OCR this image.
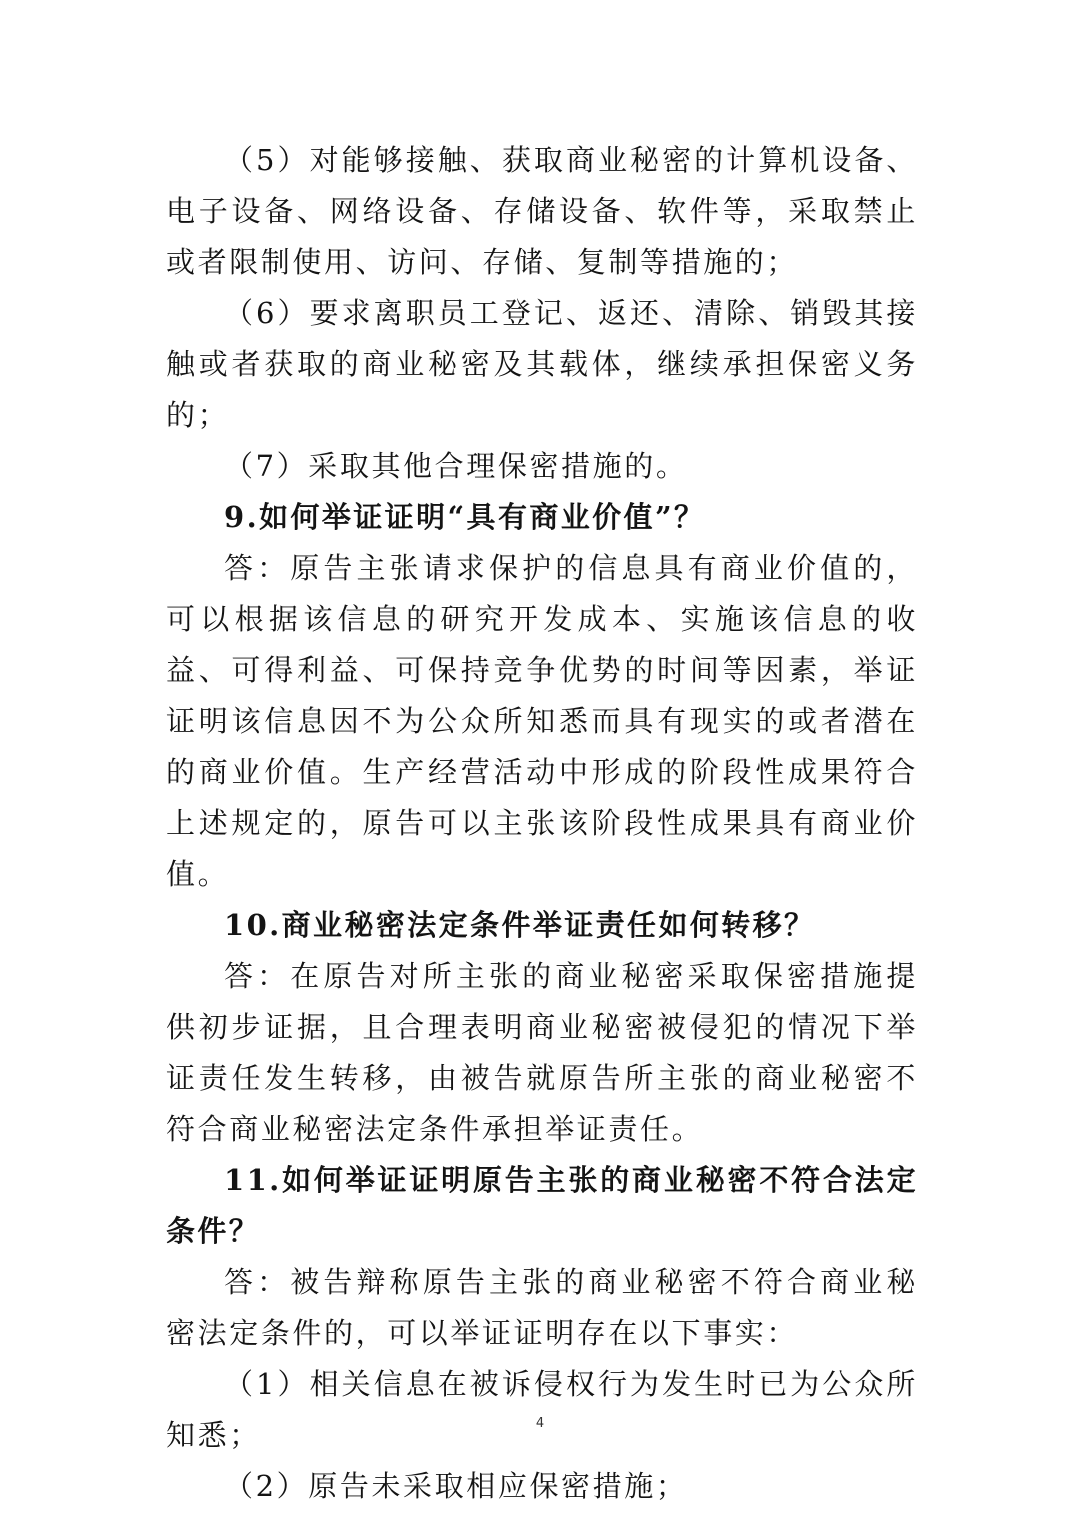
（5）对能够接触、获取商业秘密的计算机设备、电子设备、网络设备、存储设备、软件等，采取禁止或者限制使用、访问、存储、复制等措施的；

（6）要求离职员工登记、返还、清除、销毁其接触或者获取的商业秘密及其载体，继续承担保密义务的；

（7）采取其他合理保密措施的。

9.如何举证证明“具有商业价值”？

答：原告主张请求保护的信息具有商业价值的，可以根据该信息的研究开发成本、实施该信息的收益、可得利益、可保持竞争优势的时间等因素，举证证明该信息因不为公众所知悉而具有现实的或者潜在的商业价值。生产经营活动中形成的阶段性成果符合上述规定的，原告可以主张该阶段性成果具有商业价值。

10.商业秘密法定条件举证责任如何转移？

答：在原告对所主张的商业秘密采取保密措施提供初步证据，且合理表明商业秘密被侵犯的情况下举证责任发生转移，由被告就原告所主张的商业秘密不符合商业秘密法定条件承担举证责任。

11.如何举证证明原告主张的商业秘密不符合法定条件？

答：被告辩称原告主张的商业秘密不符合商业秘密法定条件的，可以举证证明存在以下事实：

（1）相关信息在被诉侵权行为发生时已为公众所知悉；

（2）原告未采取相应保密措施；

4
